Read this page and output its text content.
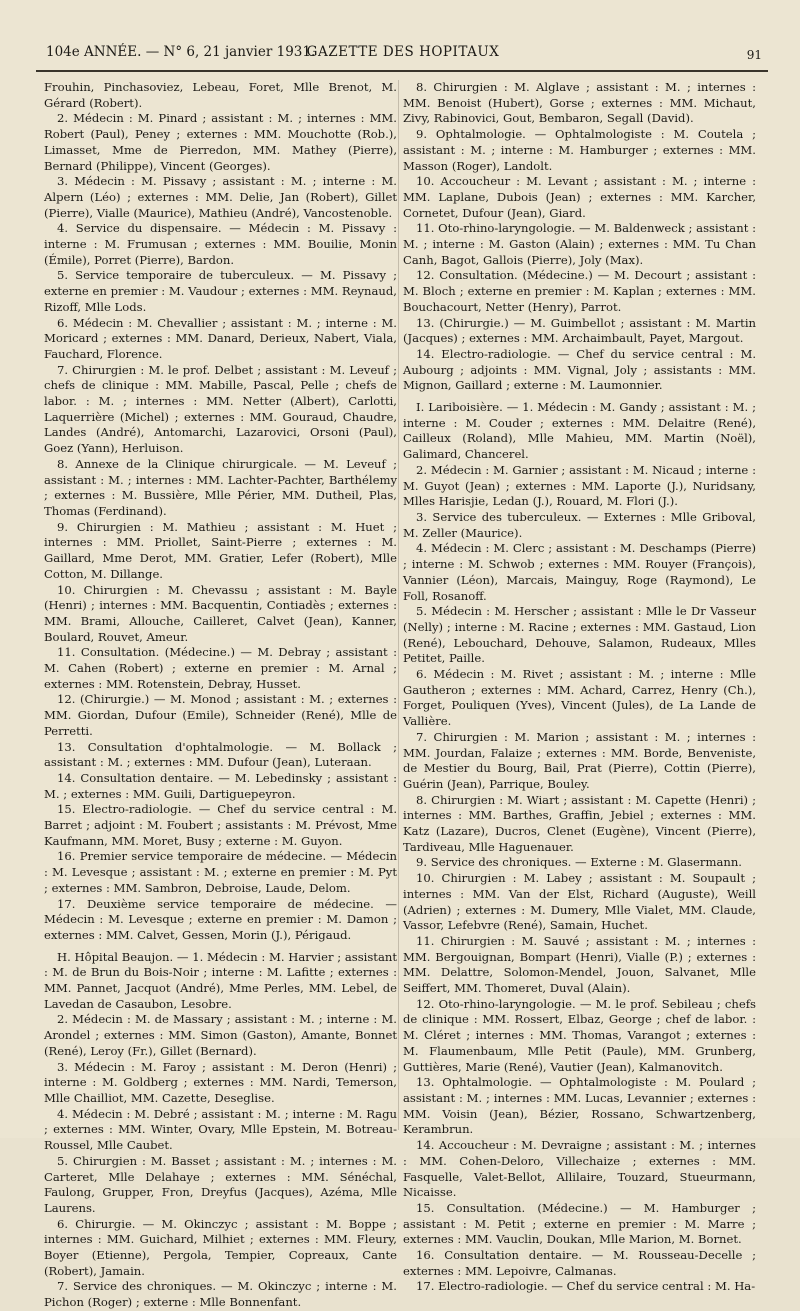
104e ANNÉE. — N° 6, 21 janvier 1931.
GAZETTE DES HOPITAUX	91

Frouhin, Pinchasoviez, Lebeau, Foret, Mlle Brenot, M. Gérard (Robert).

2. Médecin : M. Pinard ; assistant : M. ; internes : MM. Robert (Paul), Peney ; externes : MM. Mouchotte (Rob.), Limasset, Mme de Pierredon, MM. Mathey (Pierre), Bernard (Philippe), Vincent (Georges).

3. Médecin : M. Pissavy ; assistant : M. ; interne : M. Alpern (Léo) ; externes : MM. Delie, Jan (Robert), Gillet (Pierre), Vialle (Maurice), Mathieu (André), Vancostenoble.

4. Service du dispensaire. — Médecin : M. Pissavy : interne : M. Frumusan ; externes : MM. Bouilie, Monin (Émile), Porret (Pierre), Bardon.

5. Service temporaire de tuberculeux. — M. Pissavy ; externe en premier : M. Vaudour ; externes : MM. Reynaud, Rizoff, Mlle Lods.

6. Médecin : M. Chevallier ; assistant : M. ; interne : M. Moricard ; externes : MM. Danard, Derieux, Nabert, Viala, Fauchard, Florence.

7. Chirurgien : M. le prof. Delbet ; assistant : M. Leveuf ; chefs de clinique : MM. Mabille, Pascal, Pelle ; chefs de labor. : M. ; internes : MM. Netter (Albert), Carlotti, Laquerrière (Michel) ; externes : MM. Gouraud, Chaudre, Landes (André), Antomarchi, Lazarovici, Orsoni (Paul), Goez (Yann), Herluison.

8. Annexe de la Clinique chirurgicale. — M. Leveuf ; assistant : M. ; internes : MM. Lachter-Pachter, Barthélemy ; externes : M. Bussière, Mlle Périer, MM. Dutheil, Plas, Thomas (Ferdinand).

9. Chirurgien : M. Mathieu ; assistant : M. Huet ; internes : MM. Priollet, Saint-Pierre ; externes : M. Gaillard, Mme Derot, MM. Gratier, Lefer (Robert), Mlle Cotton, M. Dillange.

10. Chirurgien : M. Chevassu ; assistant : M. Bayle (Henri) ; internes : MM. Bacquentin, Contiadès ; externes : MM. Brami, Allouche, Cailleret, Calvet (Jean), Kanner, Boulard, Rouvet, Ameur.

11. Consultation. (Médecine.) — M. Debray ; assistant : M. Cahen (Robert) ; externe en premier : M. Arnal ; externes : MM. Rotenstein, Debray, Husset.

12. (Chirurgie.) — M. Monod ; assistant : M. ; externes : MM. Giordan, Dufour (Emile), Schneider (René), Mlle de Perretti.

13. Consultation d'ophtalmologie. — M. Bollack ; assistant : M. ; externes : MM. Dufour (Jean), Luteraan.

14. Consultation dentaire. — M. Lebedinsky ; assistant : M. ; externes : MM. Guili, Dartiguepeyron.

15. Electro-radiologie. — Chef du service central : M. Barret ; adjoint : M. Foubert ; assistants : M. Prévost, Mme Kaufmann, MM. Moret, Busy ; externe : M. Guyon.

16. Premier service temporaire de médecine. — Médecin : M. Levesque ; assistant : M. ; externe en premier : M. Pyt ; externes : MM. Sambron, Debroise, Laude, Delom.

17. Deuxième service temporaire de médecine. — Médecin : M. Levesque ; externe en premier : M. Damon ; externes : MM. Calvet, Gessen, Morin (J.), Périgaud.

H. Hôpital Beaujon. — 1. Médecin : M. Harvier ; assistant : M. de Brun du Bois-Noir ; interne : M. Lafitte ; externes : MM. Pannet, Jacquot (André), Mme Perles, MM. Lebel, de Lavedan de Casaubon, Lesobre.

2. Médecin : M. de Massary ; assistant : M. ; interne : M. Arondel ; externes : MM. Simon (Gaston), Amante, Bonnet (René), Leroy (Fr.), Gillet (Bernard).

3. Médecin : M. Faroy ; assistant : M. Deron (Henri) ; interne : M. Goldberg ; externes : MM. Nardi, Temerson, Mlle Chailliot, MM. Cazette, Deseglise.

4. Médecin : M. Debré ; assistant : M. ; interne : M. Ragu ; externes : MM. Winter, Ovary, Mlle Epstein, M. Botreau-Roussel, Mlle Caubet.

5. Chirurgien : M. Basset ; assistant : M. ; internes : M. Carteret, Mlle Delahaye ; externes : MM. Sénéchal, Faulong, Grupper, Fron, Dreyfus (Jacques), Azéma, Mlle Laurens.

6. Chirurgie. — M. Okinczyc ; assistant : M. Boppe ; internes : MM. Guichard, Milhiet ; externes : MM. Fleury, Boyer (Etienne), Pergola, Tempier, Copreaux, Cante (Robert), Jamain.

7. Service des chroniques. — M. Okinczyc ; interne : M. Pichon (Roger) ; externe : Mlle Bonnenfant.

8. Chirurgien : M. Alglave ; assistant : M. ; internes : MM. Benoist (Hubert), Gorse ; externes : MM. Michaut, Zivy, Rabinovici, Gout, Bembaron, Segall (David).

9. Ophtalmologie. — Ophtalmologiste : M. Coutela ; assistant : M. ; interne : M. Hamburger ; externes : MM. Masson (Roger), Landolt.

10. Accoucheur : M. Levant ; assistant : M. ; interne : MM. Laplane, Dubois (Jean) ; externes : MM. Karcher, Cornetet, Dufour (Jean), Giard.

11. Oto-rhino-laryngologie. — M. Baldenweck ; assistant : M. ; interne : M. Gaston (Alain) ; externes : MM. Tu Chan Canh, Bagot, Gallois (Pierre), Joly (Max).

12. Consultation. (Médecine.) — M. Decourt ; assistant : M. Bloch ; externe en premier : M. Kaplan ; externes : MM. Bouchacourt, Netter (Henry), Parrot.

13. (Chirurgie.) — M. Guimbellot ; assistant : M. Martin (Jacques) ; externes : MM. Archaimbault, Payet, Margout.

14. Electro-radiologie. — Chef du service central : M. Aubourg ; adjoints : MM. Vignal, Joly ; assistants : MM. Mignon, Gaillard ; externe : M. Laumonnier.

I. Lariboisière. — 1. Médecin : M. Gandy ; assistant : M. ; interne : M. Couder ; externes : MM. Delaitre (René), Cailleux (Roland), Mlle Mahieu, MM. Martin (Noël), Galimard, Chancerel.

2. Médecin : M. Garnier ; assistant : M. Nicaud ; interne : M. Guyot (Jean) ; externes : MM. Laporte (J.), Nuridsany, Mlles Harisjie, Ledan (J.), Rouard, M. Flori (J.).

3. Service des tuberculeux. — Externes : Mlle Griboval, M. Zeller (Maurice).

4. Médecin : M. Clerc ; assistant : M. Deschamps (Pierre) ; interne : M. Schwob ; externes : MM. Rouyer (François), Vannier (Léon), Marcais, Mainguy, Roge (Raymond), Le Foll, Rosanoff.

5. Médecin : M. Herscher ; assistant : Mlle le Dr Vasseur (Nelly) ; interne : M. Racine ; externes : MM. Gastaud, Lion (René), Lebouchard, Dehouve, Salamon, Rudeaux, Mlles Petitet, Paille.

6. Médecin : M. Rivet ; assistant : M. ; interne : Mlle Gautheron ; externes : MM. Achard, Carrez, Henry (Ch.), Forget, Pouliquen (Yves), Vincent (Jules), de La Lande de Vallière.

7. Chirurgien : M. Marion ; assistant : M. ; internes : MM. Jourdan, Falaize ; externes : MM. Borde, Benveniste, de Mestier du Bourg, Bail, Prat (Pierre), Cottin (Pierre), Guérin (Jean), Parrique, Bouley.

8. Chirurgien : M. Wiart ; assistant : M. Capette (Henri) ; internes : MM. Barthes, Graffin, Jebiel ; externes : MM. Katz (Lazare), Ducros, Clenet (Eugène), Vincent (Pierre), Tardiveau, Mlle Haguenauer.

9. Service des chroniques. — Externe : M. Glasermann.

10. Chirurgien : M. Labey ; assistant : M. Soupault ; internes : MM. Van der Elst, Richard (Auguste), Weill (Adrien) ; externes : M. Dumery, Mlle Vialet, MM. Claude, Vassor, Lefebvre (René), Samain, Huchet.

11. Chirurgien : M. Sauvé ; assistant : M. ; internes : MM. Bergouignan, Bompart (Henri), Vialle (P.) ; externes : MM. Delattre, Solomon-Mendel, Jouon, Salvanet, Mlle Seiffert, MM. Thomeret, Duval (Alain).

12. Oto-rhino-laryngologie. — M. le prof. Sebileau ; chefs de clinique : MM. Rossert, Elbaz, George ; chef de labor. : M. Cléret ; internes : MM. Thomas, Varangot ; externes : M. Flaumenbaum, Mlle Petit (Paule), MM. Grunberg, Guttières, Marie (René), Vautier (Jean), Kalmanovitch.

13. Ophtalmologie. — Ophtalmologiste : M. Poulard ; assistant : M. ; internes : MM. Lucas, Levannier ; externes : MM. Voisin (Jean), Bézier, Rossano, Schwartzenberg, Kerambrun.

14. Accoucheur : M. Devraigne ; assistant : M. ; internes : MM. Cohen-Deloro, Villechaize ; externes : MM. Fasquelle, Valet-Bellot, Allilaire, Touzard, Stueurmann, Nicaisse.

15. Consultation. (Médecine.) — M. Hamburger ; assistant : M. Petit ; externe en premier : M. Marre ; externes : MM. Vauclin, Doukan, Mlle Marion, M. Bornet.

16. Consultation dentaire. — M. Rousseau-Decelle ; externes : MM. Lepoivre, Calmanas.

17. Electro-radiologie. — Chef du service central : M. Ha-
